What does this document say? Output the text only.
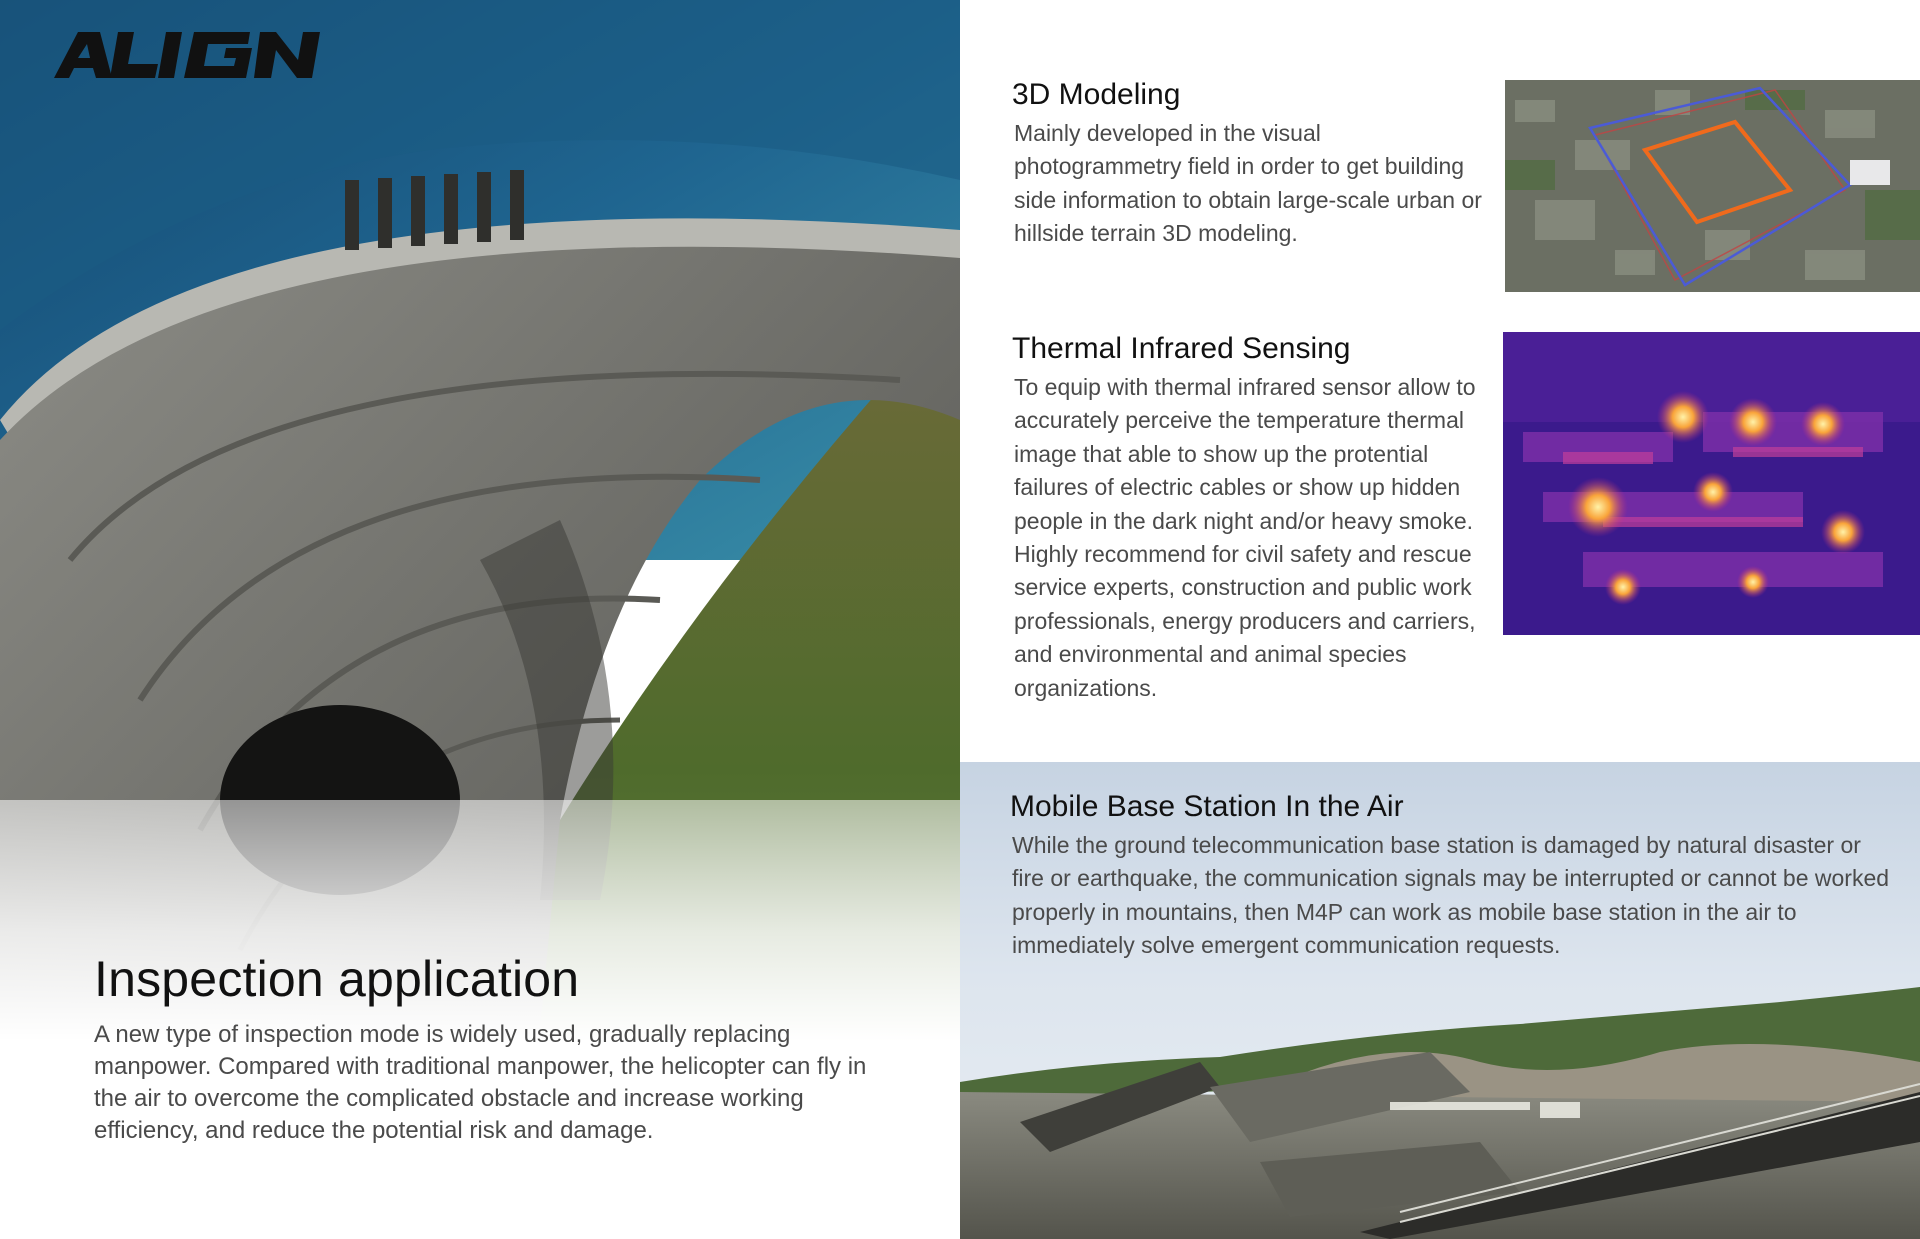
Inspection application

A new type of inspection mode is widely used, gradually replacing manpower. Compared with traditional manpower, the helicopter can fly in the air to overcome the complicated obstacle and increase working efficiency, and reduce the potential risk and damage.

3D Modeling

Mainly developed in the visual photogrammetry field in order to get building side information to obtain large-scale urban or hillside terrain 3D modeling.

Thermal Infrared Sensing

To equip with thermal infrared sensor allow to accurately perceive the temperature thermal image that able to show up the protential failures of electric cables or show up hidden people in the dark night and/or heavy smoke. Highly recommend for civil safety and rescue service experts, construction and public work professionals, energy producers and carriers, and environmental and animal species organizations.

Mobile Base Station In the Air

While the ground telecommunication base station is damaged by natural disaster or fire or earthquake, the communication signals may be interrupted or cannot be worked properly in mountains, then M4P can work as mobile base station in the air to immediately solve emergent communication requests.
